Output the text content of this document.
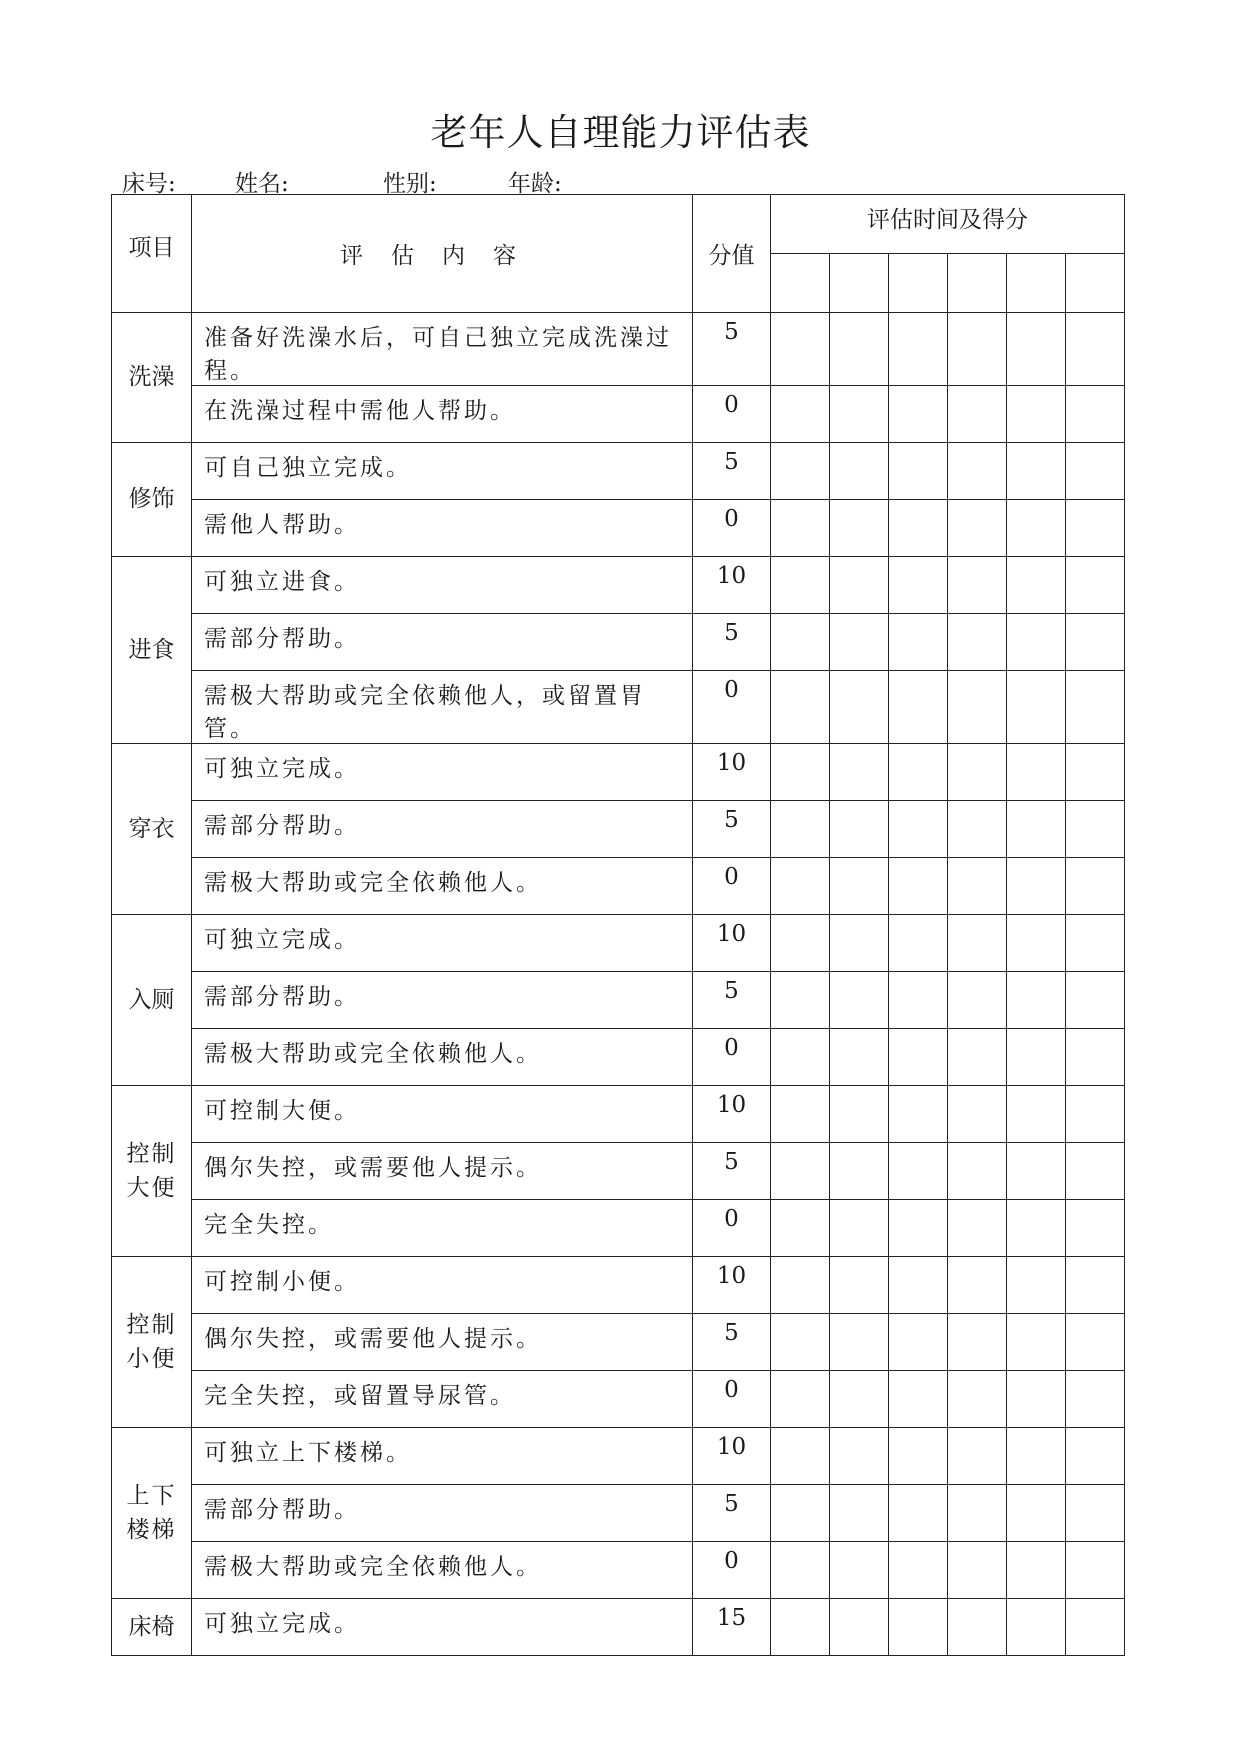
老年人自理能力评估表
床号:	姓名:	性别:	年龄:
项目	评估内容	分值	评估时间及得分					

洗澡	准备好洗澡水后，可自己独立完成洗澡过程。	5						
	在洗澡过程中需他人帮助。	0						
修饰	可自己独立完成。	5						
	需他人帮助。	0						
进食	可独立进食。	10						
	需部分帮助。	5						
	需极大帮助或完全依赖他人，或留置胃管。	0						
穿衣	可独立完成。	10						
	需部分帮助。	5						
	需极大帮助或完全依赖他人。	0						
入厕	可独立完成。	10						
	需部分帮助。	5						
	需极大帮助或完全依赖他人。	0						

控制大便	可控制大便。	10						
	偶尔失控，或需要他人提示。	5						
	完全失控。	0						

控制小便	可控制小便。	10						
	偶尔失控，或需要他人提示。	5						
	完全失控，或留置导尿管。	0						

上下楼梯	可独立上下楼梯。	10						
	需部分帮助。	5						
	需极大帮助或完全依赖他人。	0						
床椅	可独立完成。	15						
